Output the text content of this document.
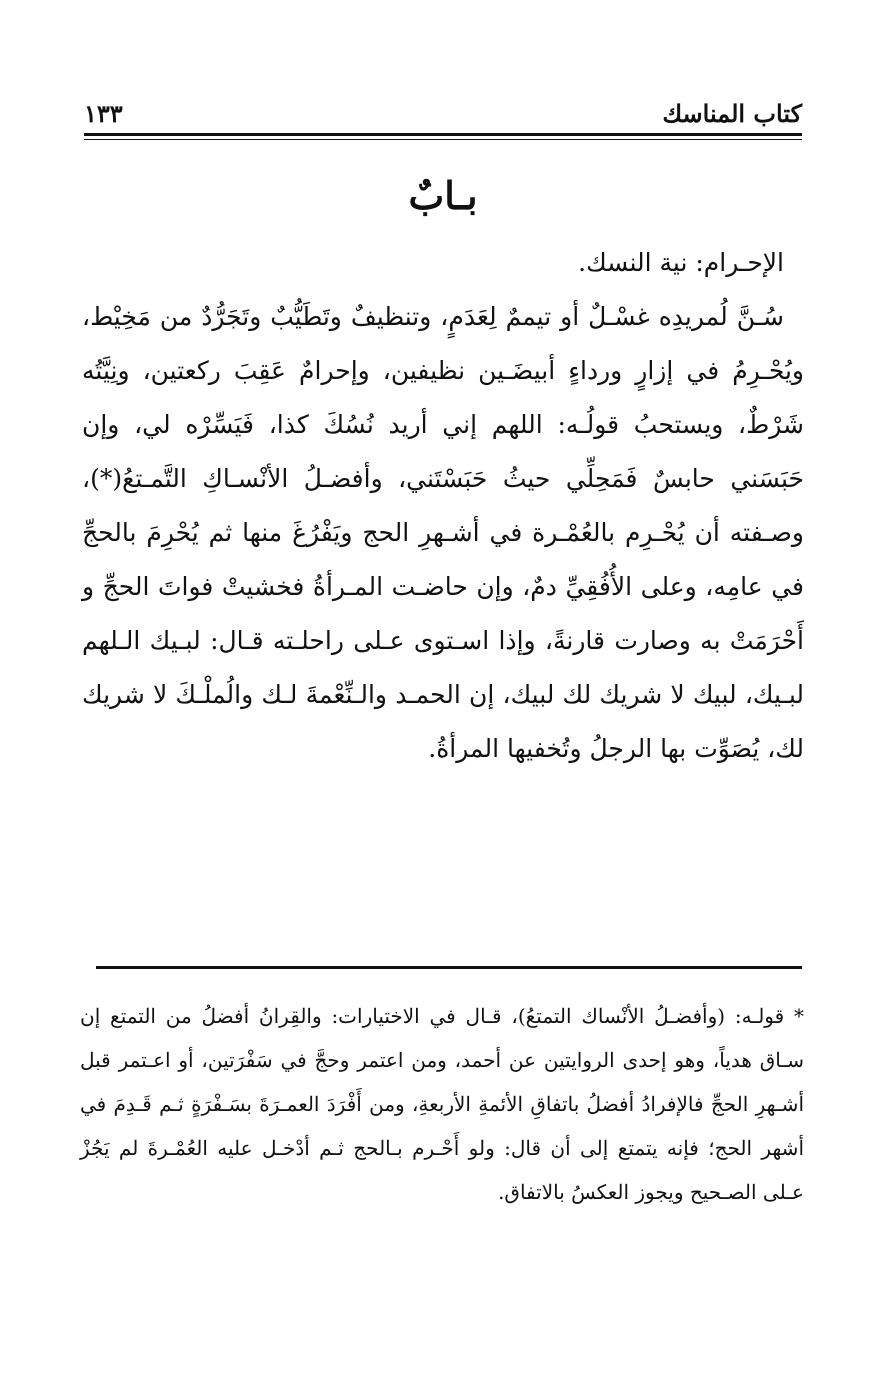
كتاب المناسك
١٣٣
بـابٌ

الإحـرام: نية النسك.

سُـنَّ لُمريدِه غسْـلٌ أو تيممٌ لِعَدَمٍ، وتنظيفٌ وتَطَيُّبٌ وتَجَرُّدٌ من مَخِيْط، ويُحْـرِمُ في إزارٍ ورداءٍ أبيضَـين نظيفين، وإحرامٌ عَقِبَ ركعتين، ونِيَّتُه شَرْطٌ، ويستحبُ قولُـه: اللهم إني أريد نُسُكَ كذا، فَيَسِّرْه لي، وإن حَبَسَني حابسٌ فَمَحِلِّي حيثُ حَبَسْتَني، وأفضـلُ الأنْسـاكِ التَّمـتعُ(*)، وصـفته أن يُحْـرِم بالعُمْـرة في أشـهرِ الحج ويَفْرُغَ منها ثم يُحْرِمَ بالحجِّ في عامِه، وعلى الأُفُقِيِّ دمٌ، وإن حاضـت المـرأةُ فخشيتْ فواتَ الحجِّ و أَحْرَمَتْ به وصارت قارنةً، وإذا اسـتوى عـلى راحلـته قـال: لبـيك الـلهم لبـيك، لبيك لا شريك لك لبيك، إن الحمـد والـنِّعْمةَ لـك والُملْـكَ لا شريك لك، يُصَوِّت بها الرجلُ وتُخفيها المرأةُ.

* قولـه: (وأفضـلُ الأنْساك التمتعُ)، قـال في الاختيارات: والقِرانُ أفضلُ من التمتع إن سـاق هدياً، وهو إحدى الروايتين عن أحمد، ومن اعتمر وحجَّ في سَفْرَتين، أو اعـتمر قبل أشـهرِ الحجِّ فالإفرادُ أفضلُ باتفاقِ الأئمةِ الأربعةِ، ومن أَفْرَدَ العمـرَةَ بسَـفْرَةٍ ثـم قَـدِمَ في أشهر الحج؛ فإنه يتمتع إلى أن قال: ولو أَحْـرم بـالحج ثـم أدْخـل عليه العُمْـرةَ لم يَجُزْ عـلى الصـحيح ويجوز العكسُ بالاتفاق.
